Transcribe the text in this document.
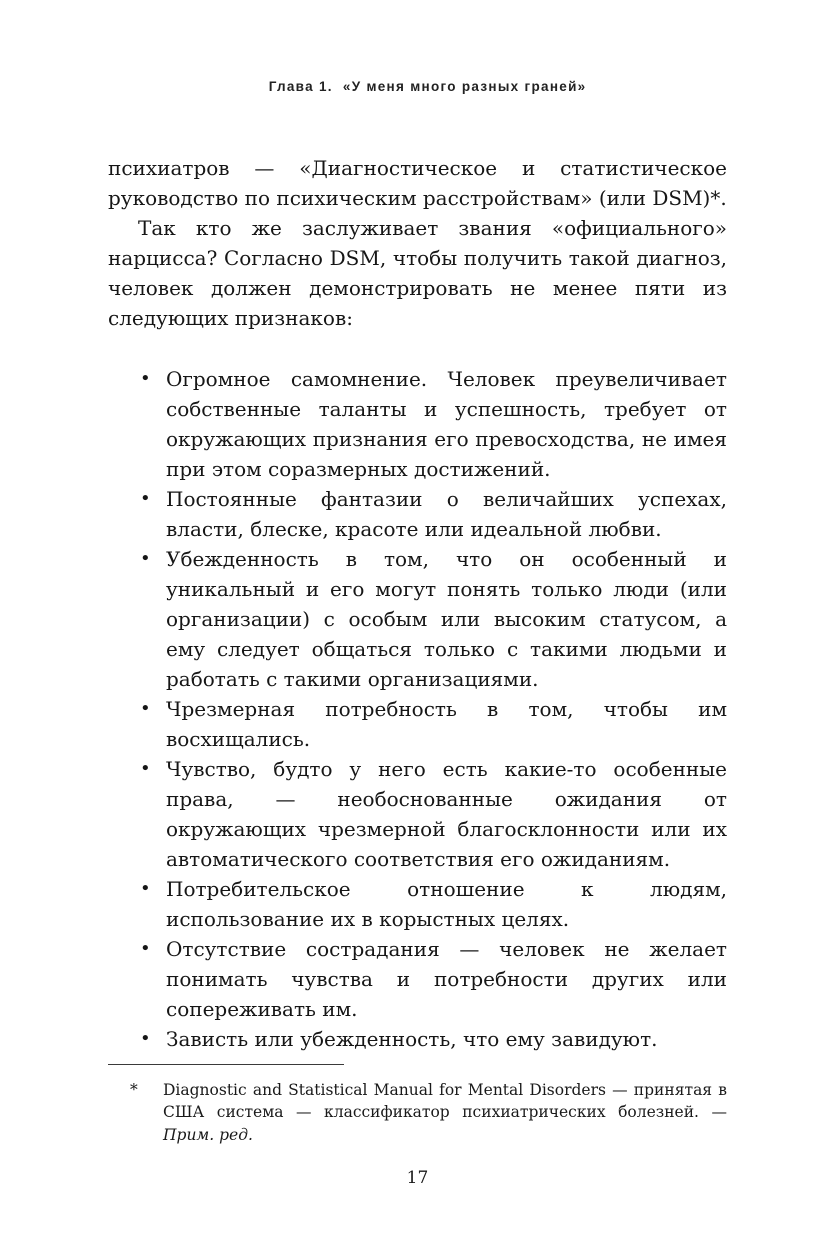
Глава 1.  «У меня много разных граней»

психиатров — «Диагностическое и статистическое руководство по психическим расстройствам» (или DSM)*.

Так кто же заслуживает звания «официального» нарцисса? Согласно DSM, чтобы получить такой диагноз, человек должен демонстрировать не менее пяти из следующих признаков:

• Огромное самомнение. Человек преувеличивает собственные таланты и успешность, требует от окружающих признания его превосходства, не имея при этом соразмерных достижений.
• Постоянные фантазии о величайших успехах, власти, блеске, красоте или идеальной любви.
• Убежденность в том, что он особенный и уникальный и его могут понять только люди (или организации) с особым или высоким статусом, а ему следует общаться только с такими людьми и работать с такими организациями.
• Чрезмерная потребность в том, чтобы им восхищались.
• Чувство, будто у него есть какие-то особенные права, — необоснованные ожидания от окружающих чрезмерной благосклонности или их автоматического соответствия его ожиданиям.
• Потребительское отношение к людям, использование их в корыстных целях.
• Отсутствие сострадания — человек не желает понимать чувства и потребности других или сопереживать им.
• Зависть или убежденность, что ему завидуют.
* Diagnostic and Statistical Manual for Mental Disorders — принятая в США система — классификатор психиатрических болезней. — Прим. ред.
17
